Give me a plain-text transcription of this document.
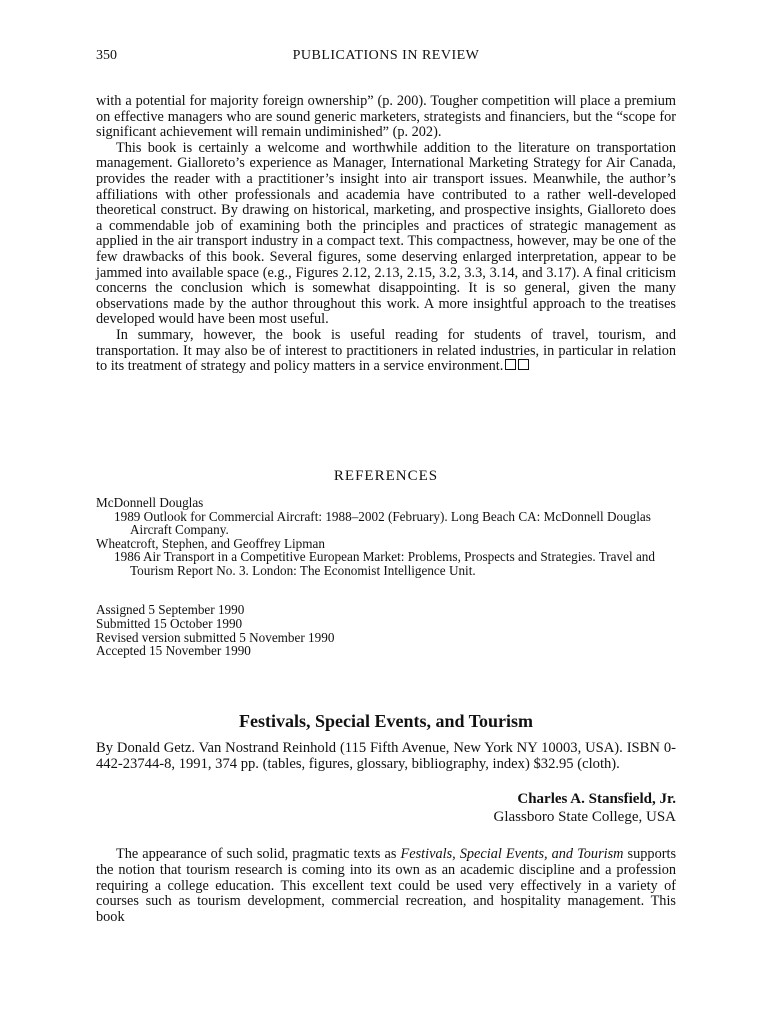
350	PUBLICATIONS IN REVIEW

with a potential for majority foreign ownership” (p. 200). Tougher competition will place a premium on effective managers who are sound generic marketers, strategists and financiers, but the “scope for significant achievement will remain undiminished” (p. 202).

This book is certainly a welcome and worthwhile addition to the literature on transportation management. Gialloreto’s experience as Manager, International Marketing Strategy for Air Canada, provides the reader with a practitioner’s insight into air transport issues. Meanwhile, the author’s affiliations with other professionals and academia have contributed to a rather well-developed theoretical construct. By drawing on historical, marketing, and prospective insights, Gialloreto does a commendable job of examining both the principles and practices of strategic management as applied in the air transport industry in a compact text. This compactness, however, may be one of the few drawbacks of this book. Several figures, some deserving enlarged interpretation, appear to be jammed into available space (e.g., Figures 2.12, 2.13, 2.15, 3.2, 3.3, 3.14, and 3.17). A final criticism concerns the conclusion which is somewhat disappointing. It is so general, given the many observations made by the author throughout this work. A more insightful approach to the treatises developed would have been most useful.

In summary, however, the book is useful reading for students of travel, tourism, and transportation. It may also be of interest to practitioners in related industries, in particular in relation to its treatment of strategy and policy matters in a service environment.

REFERENCES

McDonnell Douglas

1989 Outlook for Commercial Aircraft: 1988–2002 (February). Long Beach CA: McDonnell Douglas Aircraft Company.

Wheatcroft, Stephen, and Geoffrey Lipman

1986 Air Transport in a Competitive European Market: Problems, Prospects and Strategies. Travel and Tourism Report No. 3. London: The Economist Intelligence Unit.

Assigned 5 September 1990
Submitted 15 October 1990
Revised version submitted 5 November 1990
Accepted 15 November 1990
Festivals, Special Events, and Tourism

By Donald Getz. Van Nostrand Reinhold (115 Fifth Avenue, New York NY 10003, USA). ISBN 0-442-23744-8, 1991, 374 pp. (tables, figures, glossary, bibliography, index) $32.95 (cloth).

Charles A. Stansfield, Jr.
Glassboro State College, USA

The appearance of such solid, pragmatic texts as Festivals, Special Events, and Tourism supports the notion that tourism research is coming into its own as an academic discipline and a profession requiring a college education. This excellent text could be used very effectively in a variety of courses such as tourism development, commercial recreation, and hospitality management. This book
